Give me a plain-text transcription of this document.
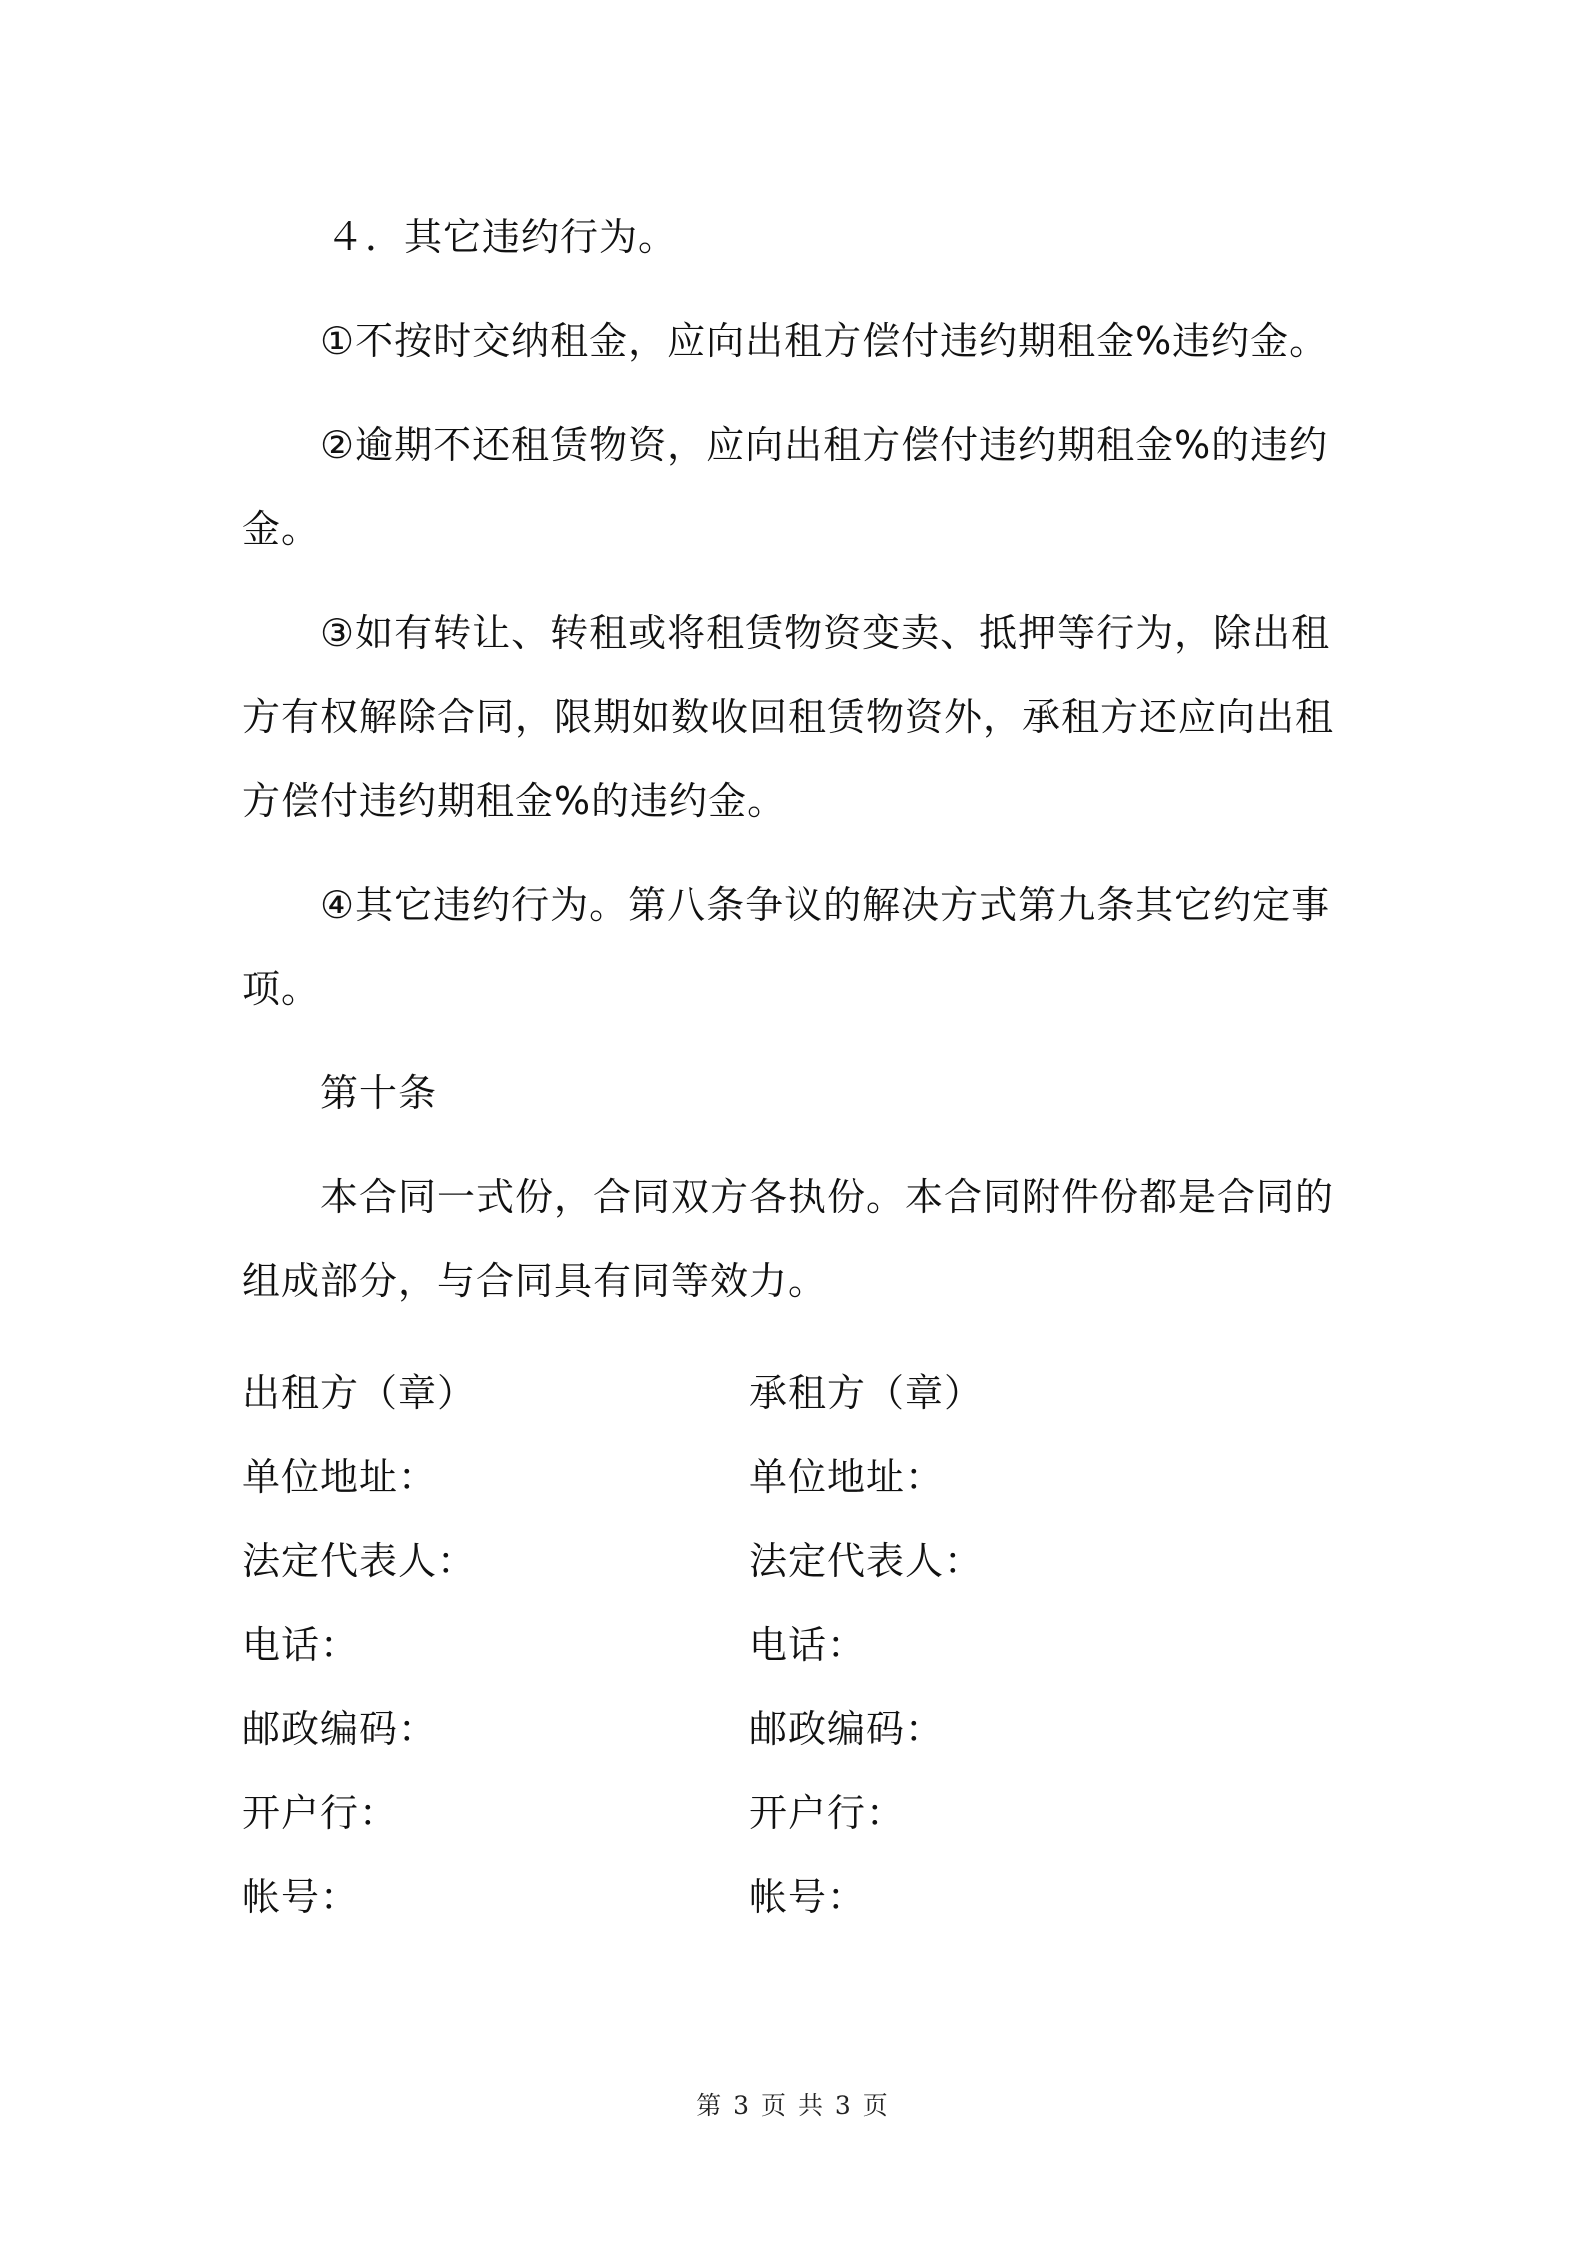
４．其它违约行为。

①不按时交纳租金，应向出租方偿付违约期租金%违约金。

②逾期不还租赁物资，应向出租方偿付违约期租金%的违约
金。

③如有转让、转租或将租赁物资变卖、抵押等行为，除出租
方有权解除合同，限期如数收回租赁物资外，承租方还应向出租
方偿付违约期租金%的违约金。

④其它违约行为。第八条争议的解决方式第九条其它约定事
项。

第十条

本合同一式份，合同双方各执份。本合同附件份都是合同的
组成部分，与合同具有同等效力。

出租方（章）	承租方（章）
单位地址：	单位地址：
法定代表人：	法定代表人：
电话：	电话：
邮政编码：	邮政编码：
开户行：	开户行：
帐号：	帐号：
第 3 页 共 3 页
